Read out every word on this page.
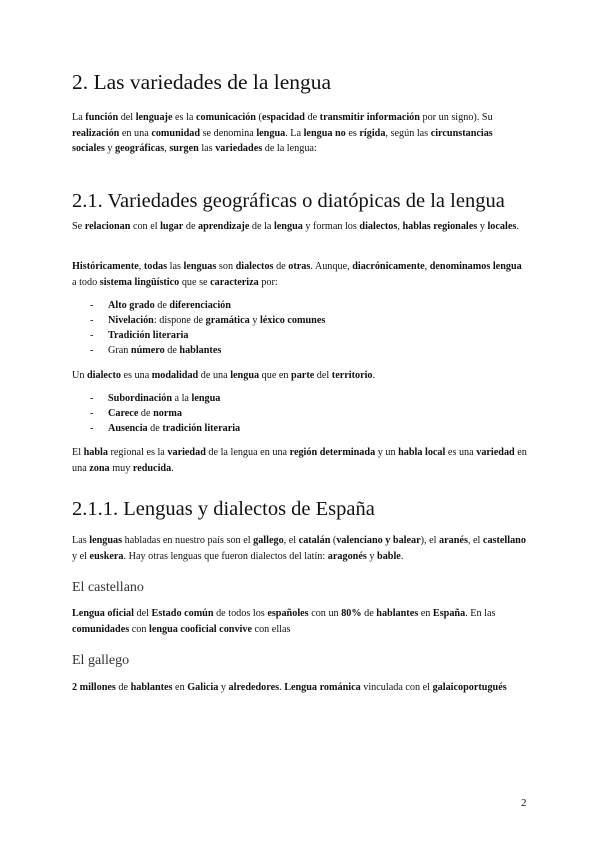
2. Las variedades de la lengua

La función del lenguaje es la comunicación (espacidad de transmitir información por un signo). Su realización en una comunidad se denomina lengua. La lengua no es rígida, según las circunstancias sociales y geográficas, surgen las variedades de la lengua:

2.1. Variedades geográficas o diatópicas de la lengua

Se relacionan con el lugar de aprendizaje de la lengua y forman los dialectos, hablas regionales y locales.

Históricamente, todas las lenguas son dialectos de otras. Aunque, diacrónicamente, denominamos lengua a todo sistema lingüístico que se caracteriza por:

- Alto grado de diferenciación
- Nivelación: dispone de gramática y léxico comunes
- Tradición literaria
- Gran número de hablantes

Un dialecto es una modalidad de una lengua que en parte del territorio.

- Subordinación a la lengua
- Carece de norma
- Ausencia de tradición literaria

El habla regional es la variedad de la lengua en una región determinada y un habla local es una variedad en una zona muy reducida.

2.1.1. Lenguas y dialectos de España

Las lenguas habladas en nuestro país son el gallego, el catalán (valenciano y balear), el aranés, el castellano y el euskera. Hay otras lenguas que fueron dialectos del latín: aragonés y bable.

El castellano

Lengua oficial del Estado común de todos los españoles con un 80% de hablantes en España. En las comunidades con lengua cooficial convive con ellas

El gallego

2 millones de hablantes en Galicia y alrededores. Lengua románica vinculada con el galaicoportugués

2
